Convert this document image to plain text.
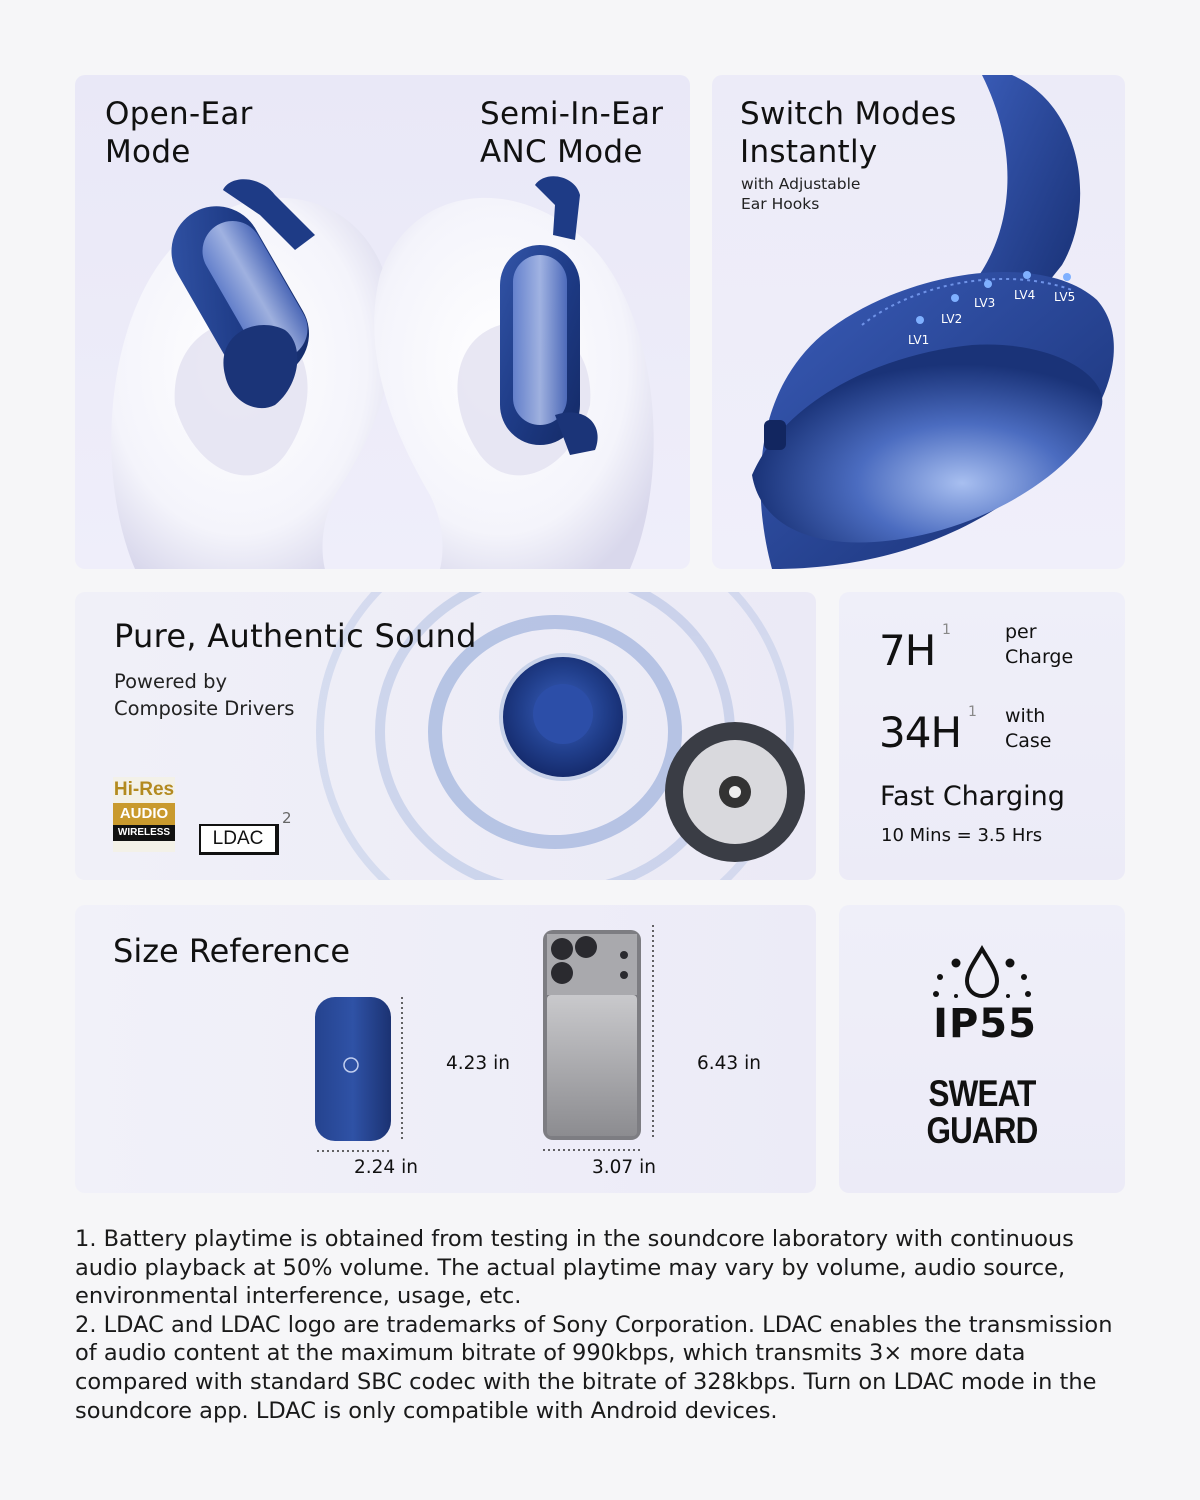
Open-Ear
Mode
Semi-In-Ear
ANC Mode
Switch Modes
Instantly
with Adjustable
Ear Hooks
LV1
LV2
LV3
LV4 LV5
Pure, Authentic Sound
Powered by
Composite Drivers
Hi-Res
AUDIO
WIRELESS	LDAC
2
7H 1	per
Charge
34H 1 with
Case
Fast Charging
10 Mins = 3.5 Hrs
Size Reference
4.23 in
2.24 in
6.43 in
3.07 in
IP55
SWEAT
GUARD

1. Battery playtime is obtained from testing in the soundcore laboratory with continuous audio playback at 50% volume. The actual playtime may vary by volume, audio source, environmental interference, usage, etc.

2. LDAC and LDAC logo are trademarks of Sony Corporation. LDAC enables the transmission of audio content at the maximum bitrate of 990kbps, which transmits 3× more data compared with standard SBC codec with the bitrate of 328kbps. Turn on LDAC mode in the soundcore app. LDAC is only compatible with Android devices.
